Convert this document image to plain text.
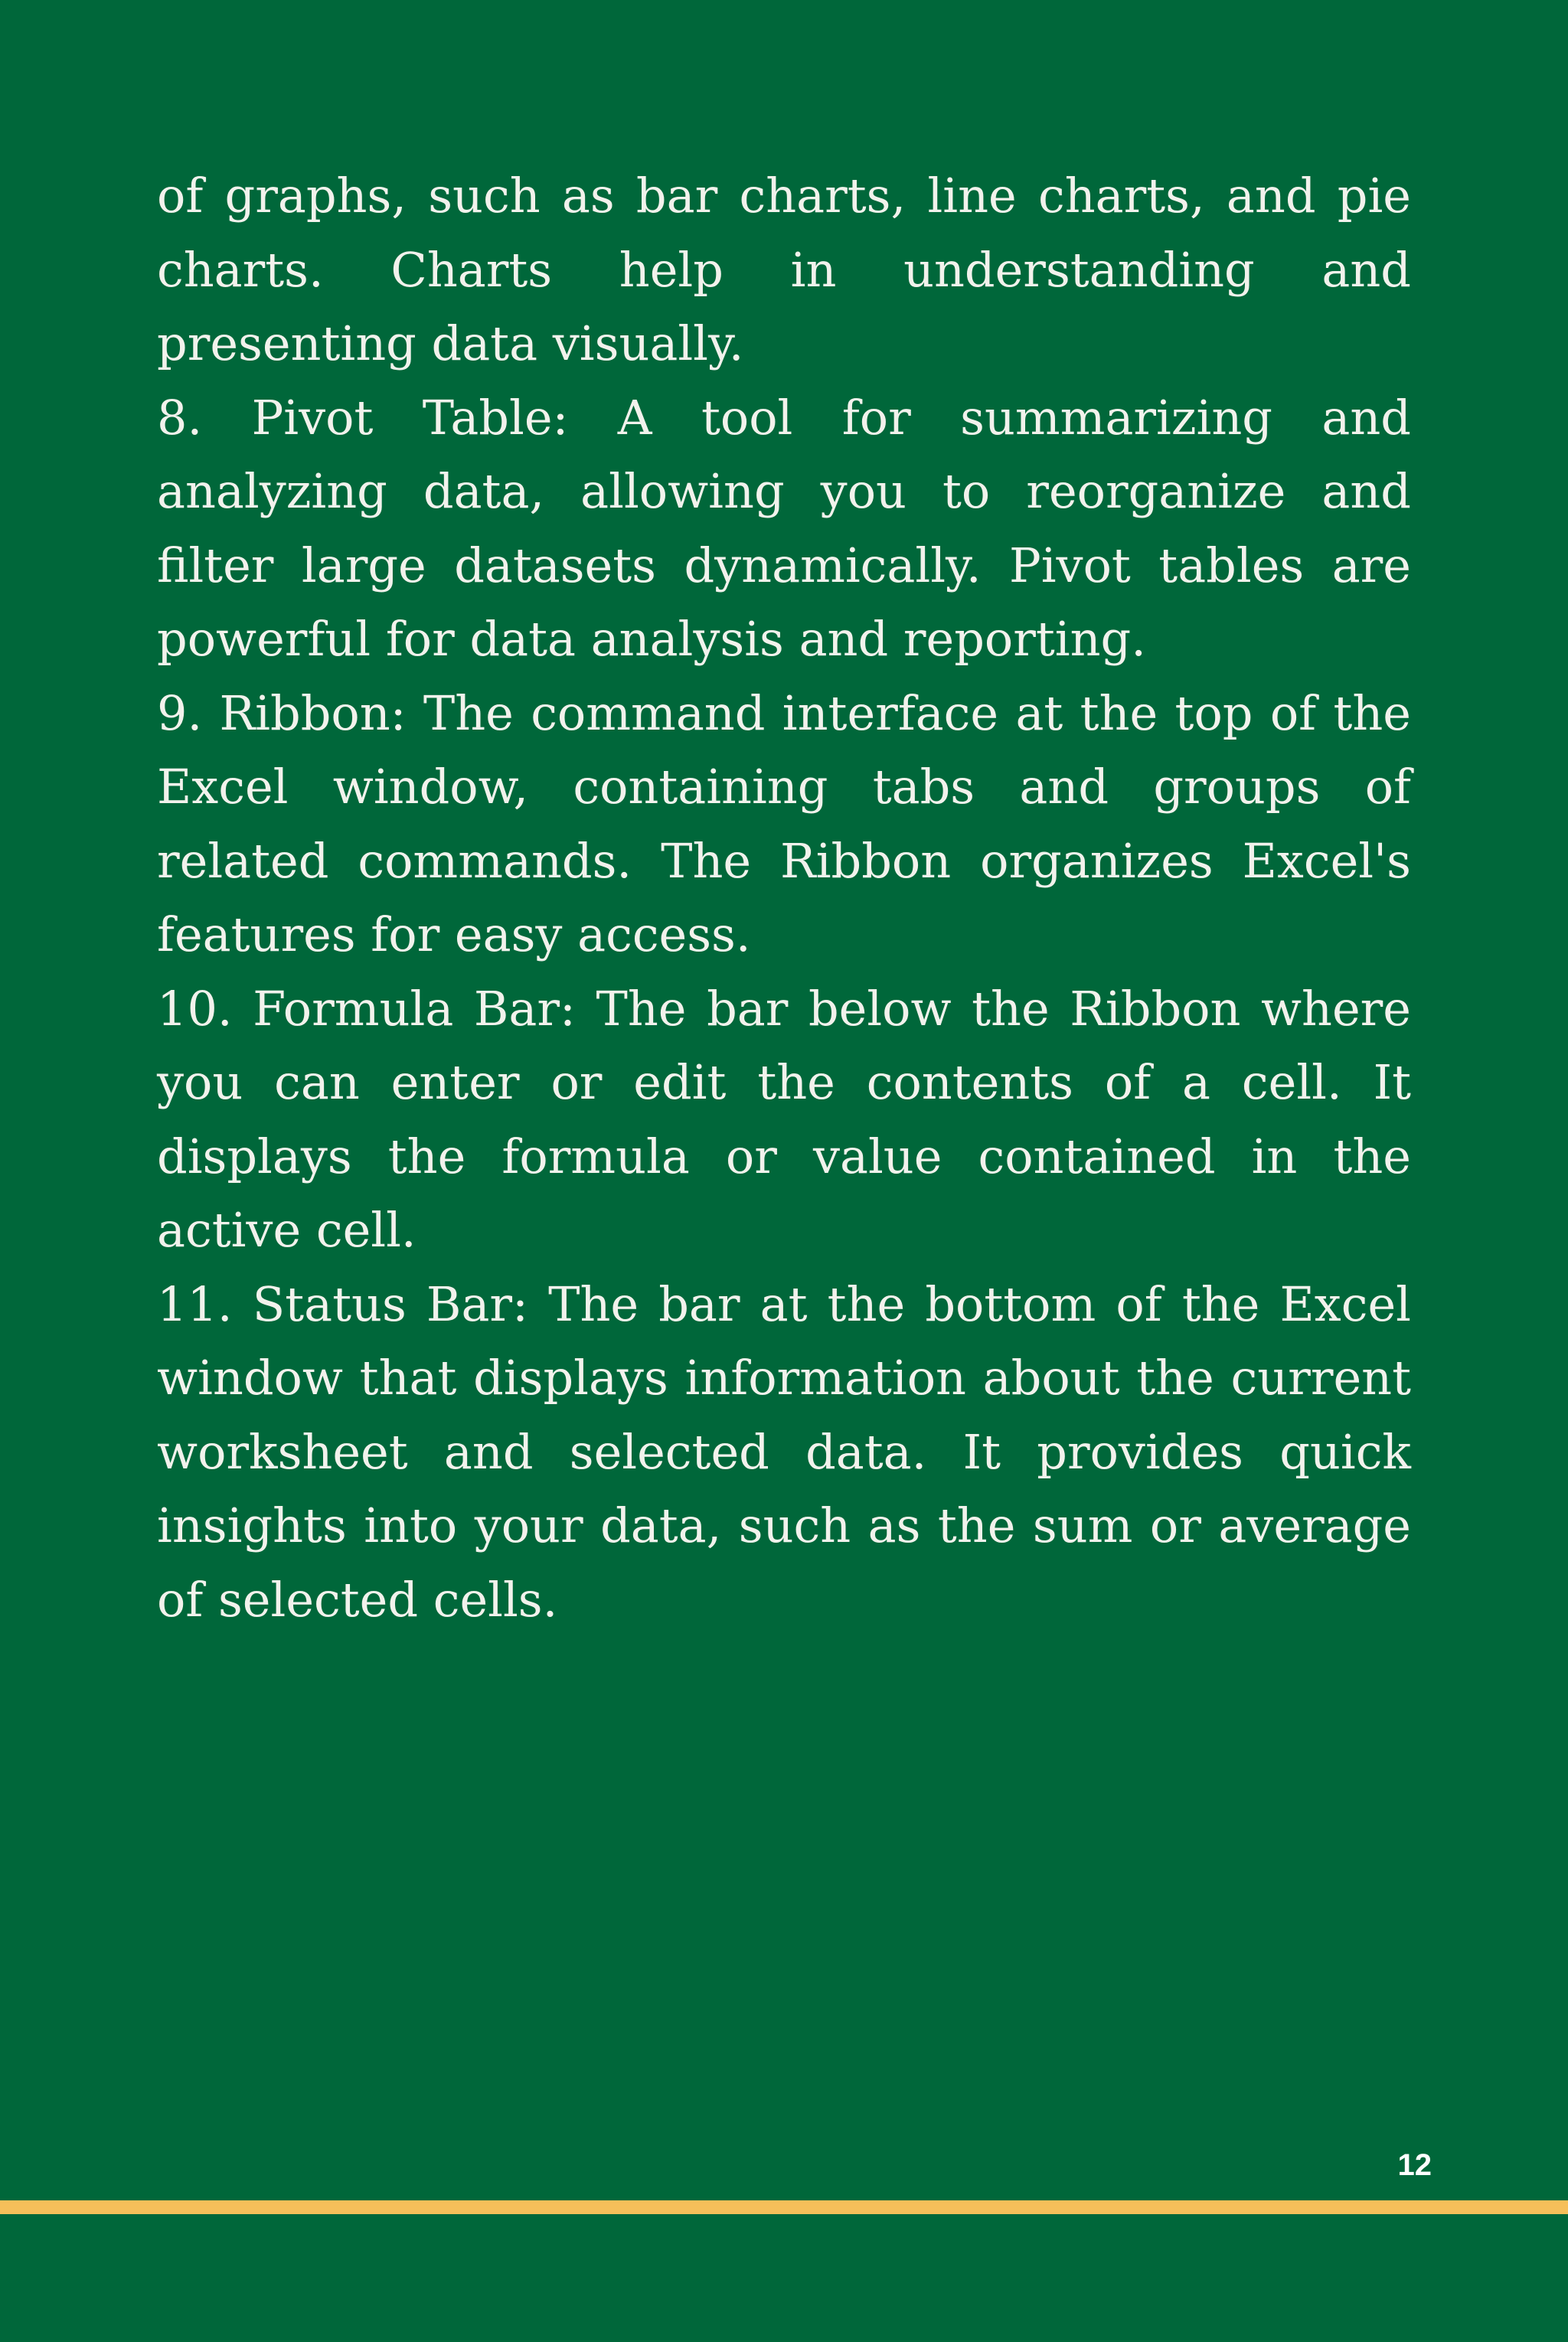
of graphs, such as bar charts, line charts, and pie charts. Charts help in understanding and presenting data visually.

8. Pivot Table: A tool for summarizing and analyzing data, allowing you to reorganize and filter large datasets dynamically. Pivot tables are powerful for data analysis and reporting.

9. Ribbon: The command interface at the top of the Excel window, containing tabs and groups of related commands. The Ribbon organizes Excel's features for easy access.

10. Formula Bar: The bar below the Ribbon where you can enter or edit the contents of a cell. It displays the formula or value contained in the active cell.

11. Status Bar: The bar at the bottom of the Excel window that displays information about the current worksheet and selected data. It provides quick insights into your data, such as the sum or average of selected cells.

12
